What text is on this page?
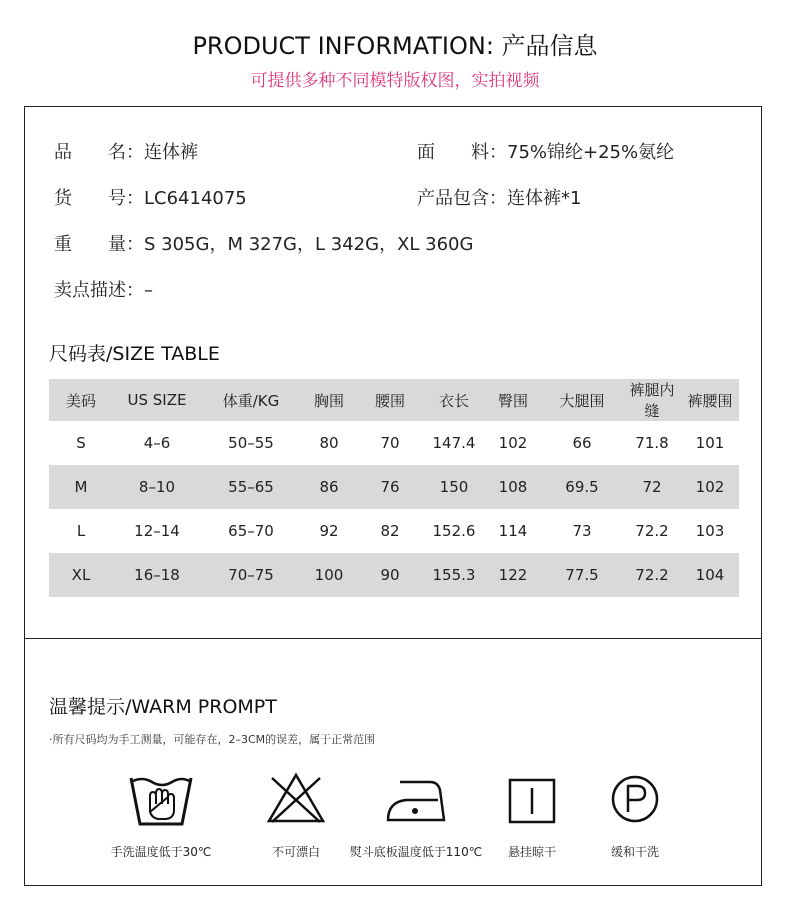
PRODUCT INFORMATION: 产品信息
可提供多种不同模特版权图，实拍视频
品　　名：连体裤	面　　料：75%锦纶+25%氨纶
货　　号：LC6414075	产品包含：连体裤*1
重　　量：S 305G，M 327G，L 342G，XL 360G
卖点描述：–
尺码表/SIZE TABLE
美码	US SIZE	体重/KG	胸围	腰围	衣长	臀围	大腿围	裤腿内缝	裤腰围
S	4–6	50–55	80	70	147.4	102	66	71.8	101
M	8–10	55–65	86	76	150	108	69.5	72	102
L	12–14	65–70	92	82	152.6	114	73	72.2	103
XL	16–18	70–75	100	90	155.3	122	77.5	72.2	104
温馨提示/WARM PROMPT
·所有尺码均为手工测量，可能存在，2–3CM的误差，属于正常范围
手洗温度低于30℃	不可漂白	熨斗底板温度低于110℃	悬挂晾干	缓和干洗
